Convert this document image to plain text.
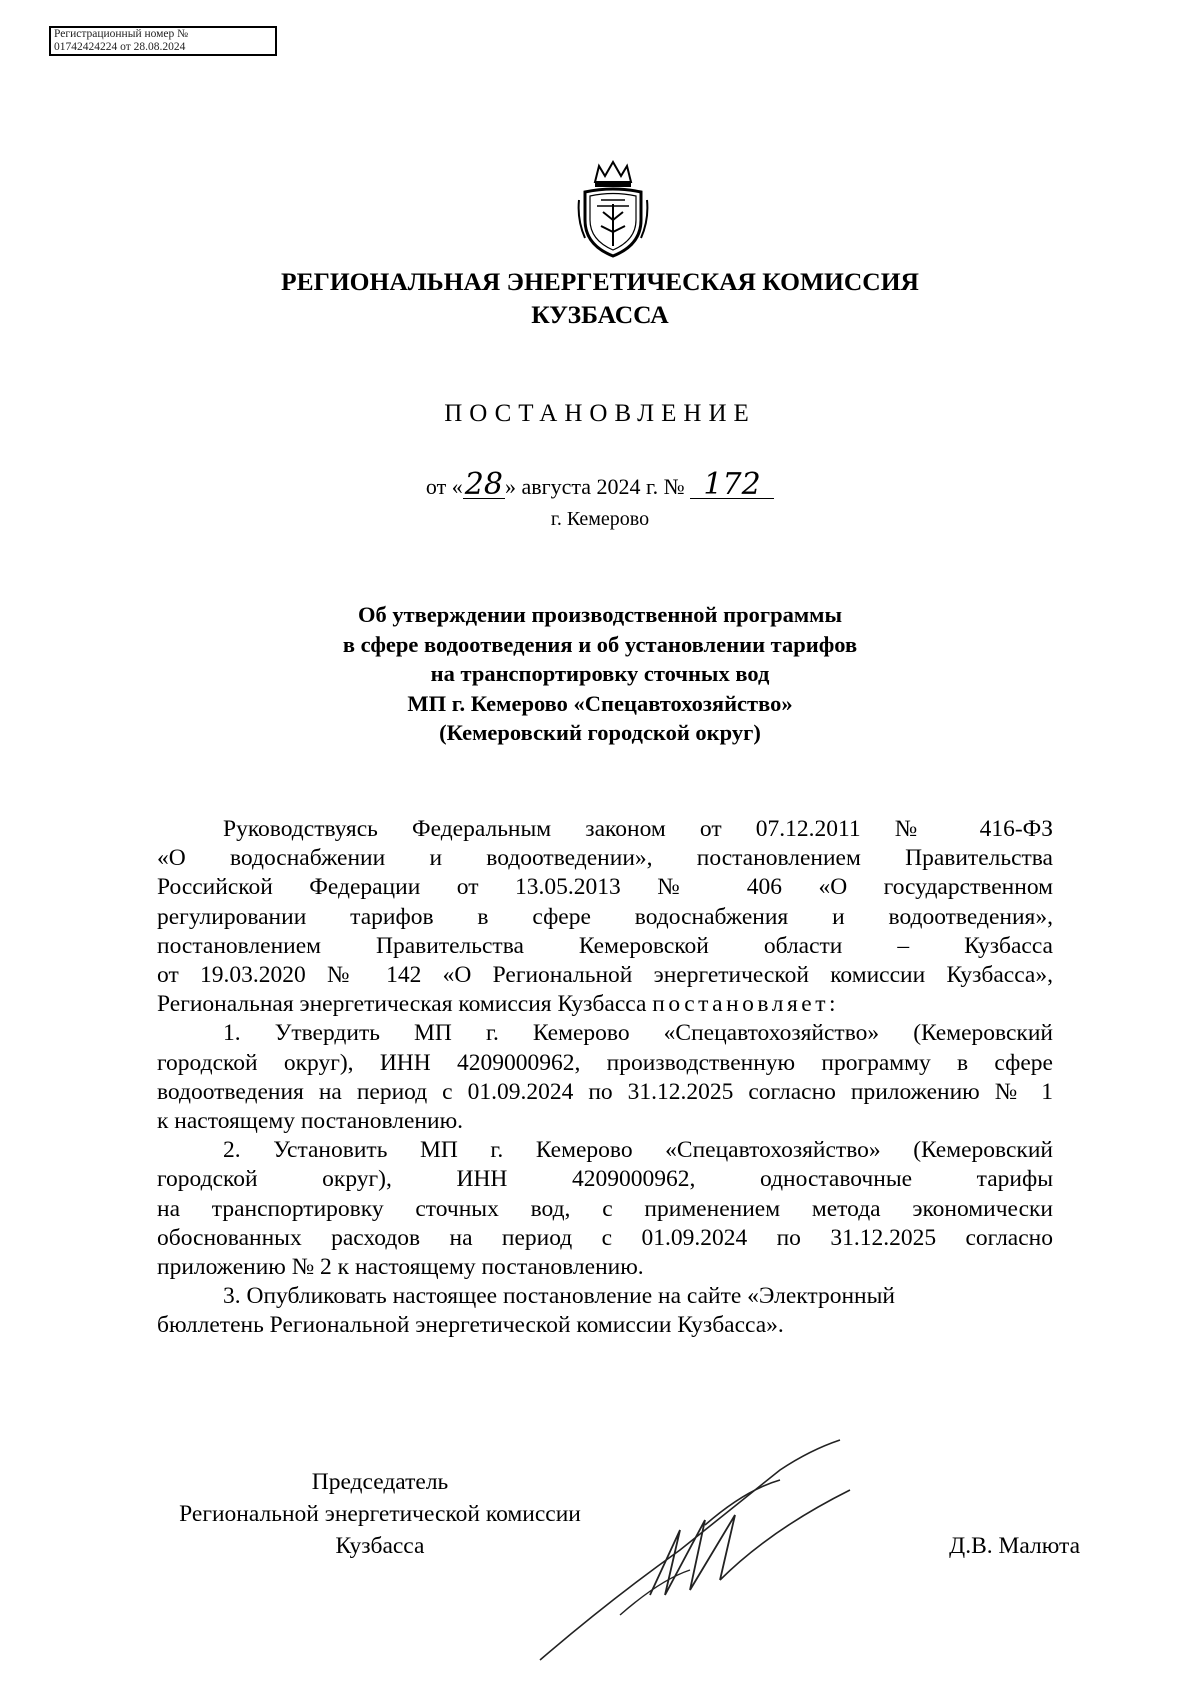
Регистрационный номер №
01742424224 от 28.08.2024
РЕГИОНАЛЬНАЯ ЭНЕРГЕТИЧЕСКАЯ КОМИССИЯ
КУЗБАССА
ПОСТАНОВЛЕНИЕ
от «28» августа 2024 г. № 172
г. Кемерово
Об утверждении производственной программы
в сфере водоотведения и об установлении тарифов
на транспортировку сточных вод
МП г. Кемерово «Спецавтохозяйство»
(Кемеровский городской округ)
Руководствуясь Федеральным законом от 07.12.2011 № 416-ФЗ
«О водоснабжении и водоотведении», постановлением Правительства
Российской Федерации от 13.05.2013 № 406 «О государственном
регулировании тарифов в сфере водоснабжения и водоотведения»,
постановлением Правительства Кемеровской области – Кузбасса
от 19.03.2020 № 142 «О Региональной энергетической комиссии Кузбасса»,
Региональная энергетическая комиссия Кузбасса постановляет:
1. Утвердить МП г. Кемерово «Спецавтохозяйство» (Кемеровский
городской округ), ИНН 4209000962, производственную программу в сфере
водоотведения на период с 01.09.2024 по 31.12.2025 согласно приложению № 1
к настоящему постановлению.
2. Установить МП г. Кемерово «Спецавтохозяйство» (Кемеровский
городской округ), ИНН 4209000962, одноставочные тарифы
на транспортировку сточных вод, с применением метода экономически
обоснованных расходов на период с 01.09.2024 по 31.12.2025 согласно
приложению № 2 к настоящему постановлению.
3. Опубликовать настоящее постановление на сайте «Электронный
бюллетень Региональной энергетической комиссии Кузбасса».
Председатель
Региональной энергетической комиссии
Кузбасса	Д.В. Малюта
